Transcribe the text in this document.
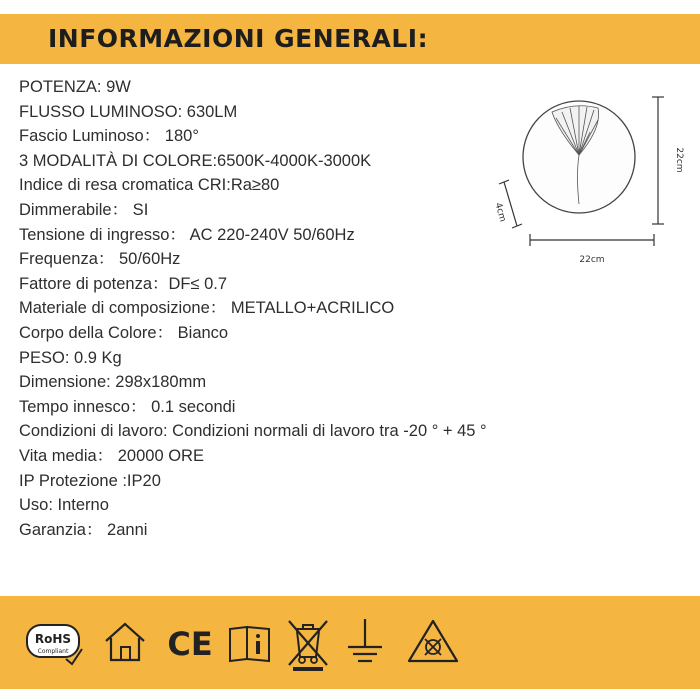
INFORMAZIONI GENERALI:
POTENZA: 9W
FLUSSO LUMINOSO: 630LM
Fascio Luminoso： 180°
3 MODALITÀ DI COLORE:6500K-4000K-3000K
Indice di resa cromatica CRI:Ra≥80
Dimmerabile： SI
Tensione di ingresso： AC 220-240V 50/60Hz
Frequenza： 50/60Hz
Fattore di potenza：DF≤ 0.7
Materiale di composizione： METALLO+ACRILICO
Corpo della Colore： Bianco
PESO: 0.9 Kg
Dimensione: 298x180mm
Tempo innesco： 0.1 secondi
Condizioni di lavoro: Condizioni normali di lavoro tra -20 ° + 45 °
Vita media： 20000 ORE
IP Protezione :IP20
Uso: Interno
Garanzia： 2anni
22cm
22cm
4cm
RoHS
Compliant	CE
